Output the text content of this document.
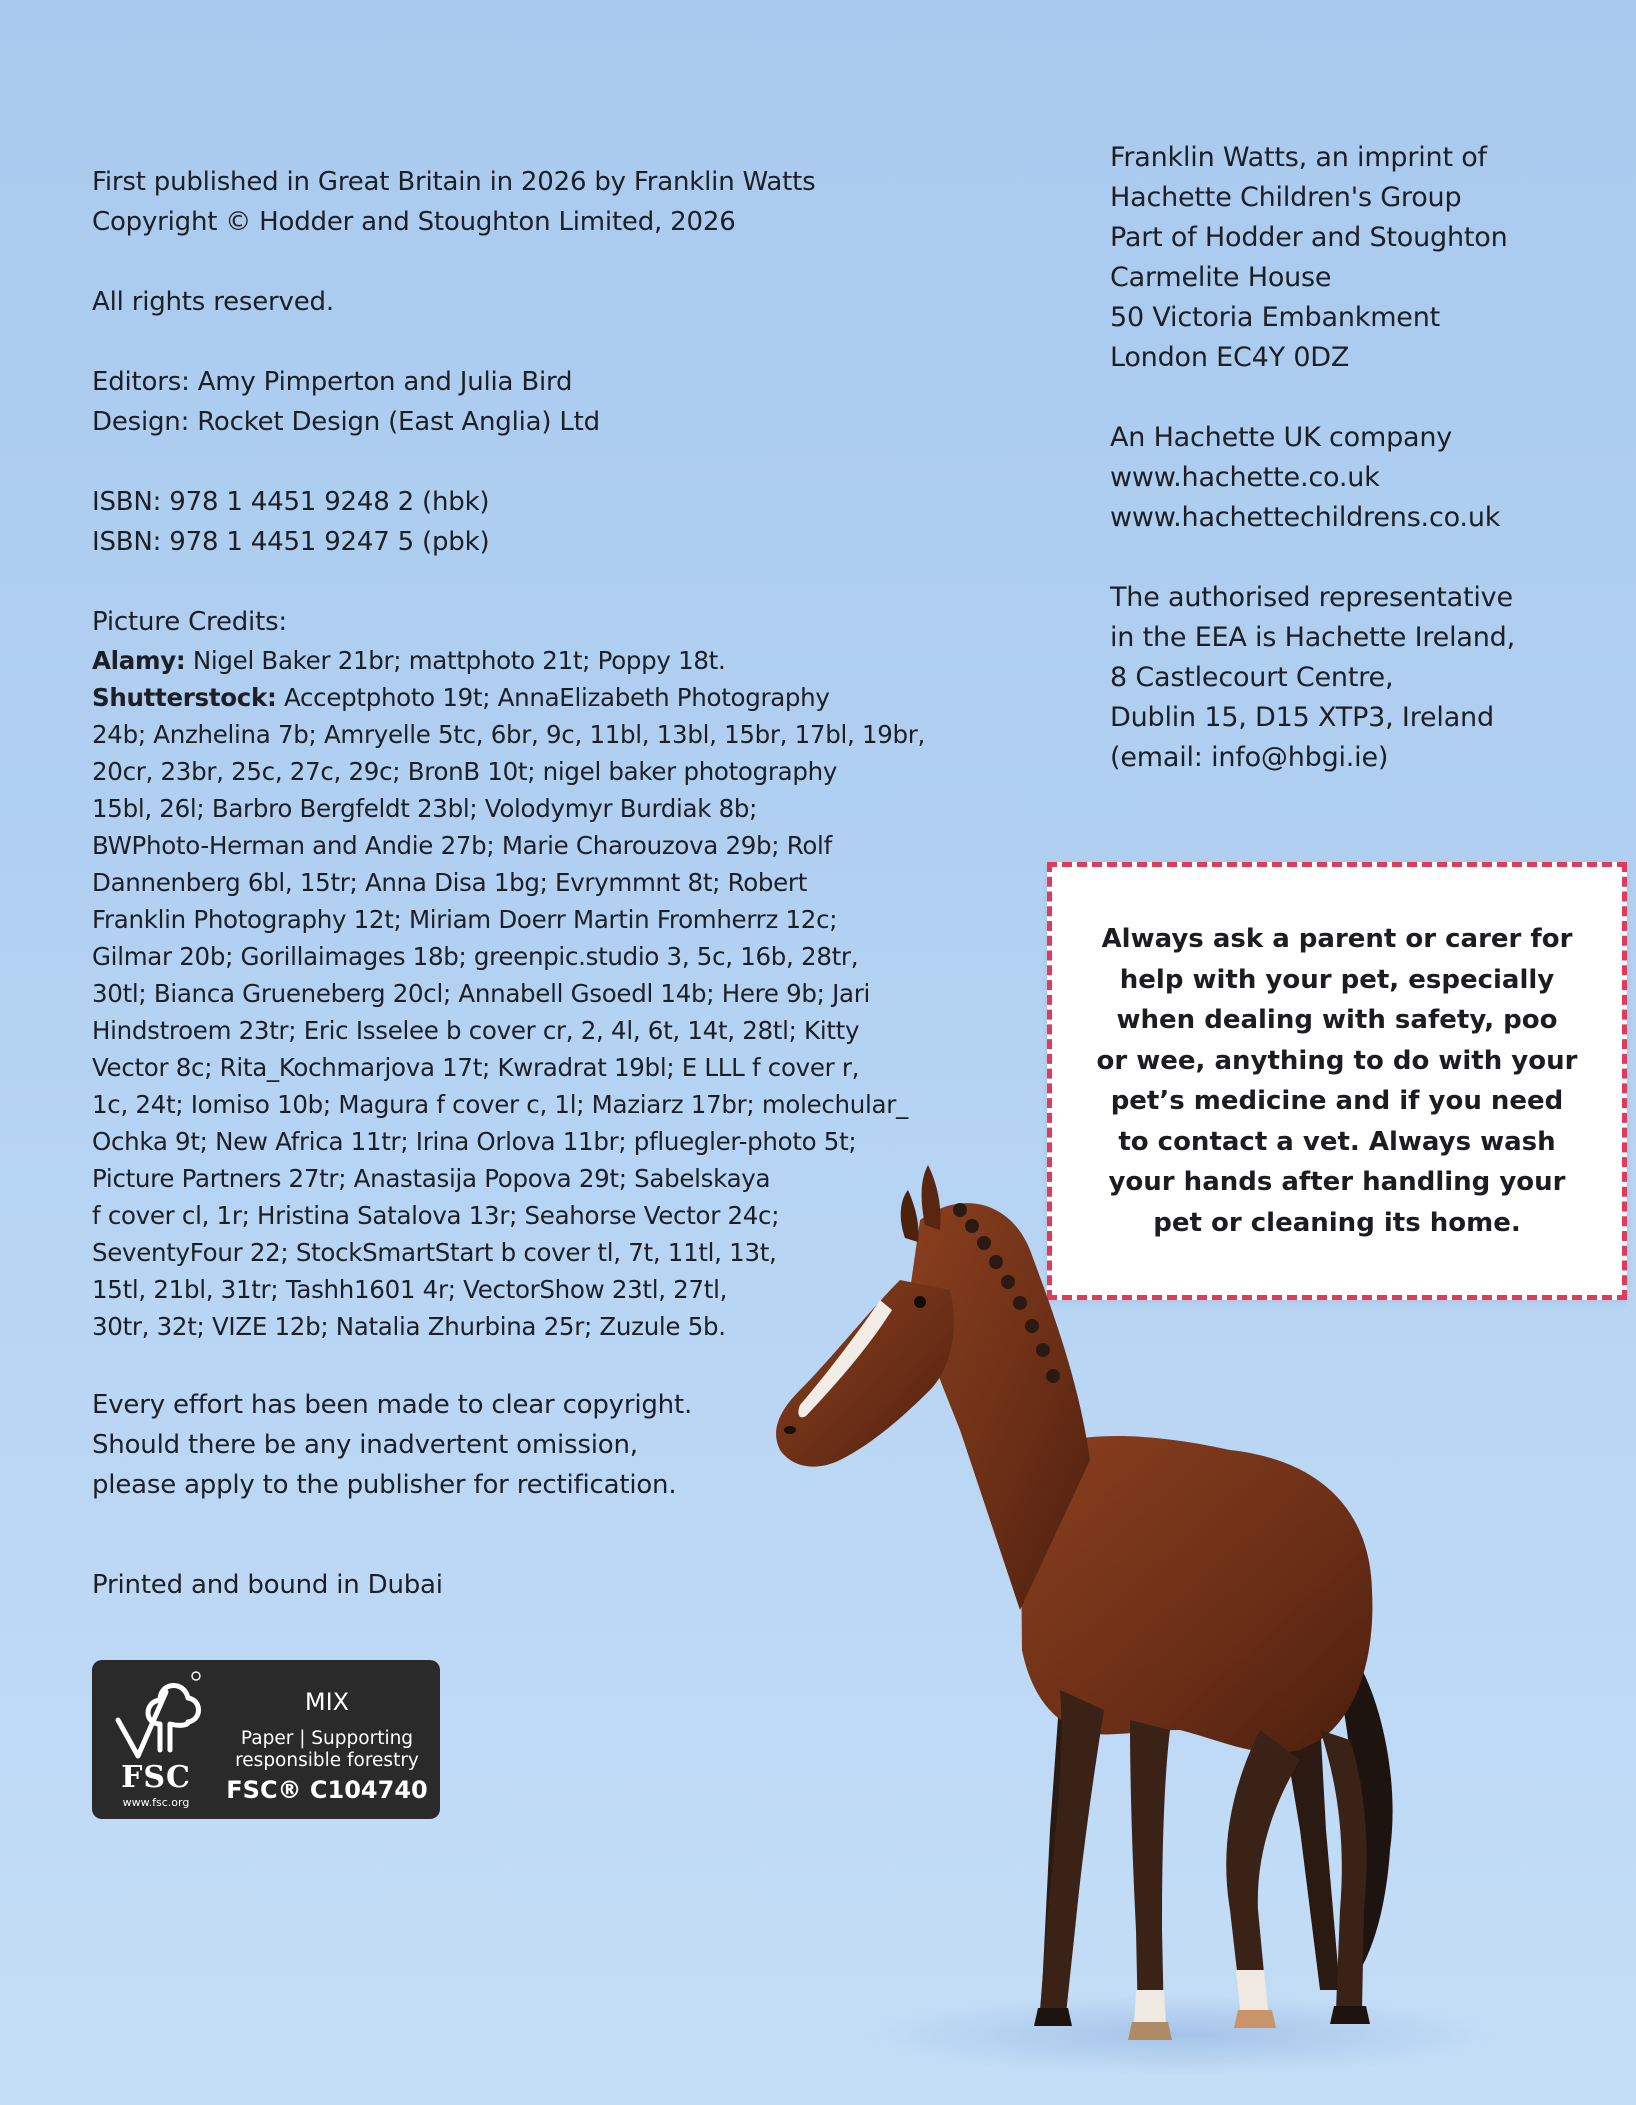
First published in Great Britain in 2026 by Franklin Watts
Copyright © Hodder and Stoughton Limited, 2026
All rights reserved.
Editors: Amy Pimperton and Julia Bird
Design: Rocket Design (East Anglia) Ltd
ISBN: 978 1 4451 9248 2 (hbk)
ISBN: 978 1 4451 9247 5 (pbk)
Picture Credits:
Alamy: Nigel Baker 21br; mattphoto 21t; Poppy 18t.
Shutterstock: Acceptphoto 19t; AnnaElizabeth Photography
24b; Anzhelina 7b; Amryelle 5tc, 6br, 9c, 11bl, 13bl, 15br, 17bl, 19br,
20cr, 23br, 25c, 27c, 29c; BronB 10t; nigel baker photography
15bl, 26l; Barbro Bergfeldt 23bl; Volodymyr Burdiak 8b;
BWPhoto-Herman and Andie 27b; Marie Charouzova 29b; Rolf
Dannenberg 6bl, 15tr; Anna Disa 1bg; Evrymmnt 8t; Robert
Franklin Photography 12t; Miriam Doerr Martin Fromherrz 12c;
Gilmar 20b; Gorillaimages 18b; greenpic.studio 3, 5c, 16b, 28tr,
30tl; Bianca Grueneberg 20cl; Annabell Gsoedl 14b; Here 9b; Jari
Hindstroem 23tr; Eric Isselee b cover cr, 2, 4l, 6t, 14t, 28tl; Kitty
Vector 8c; Rita_Kochmarjova 17t; Kwradrat 19bl; E LLL f cover r,
1c, 24t; Iomiso 10b; Magura f cover c, 1l; Maziarz 17br; molechular_
Ochka 9t; New Africa 11tr; Irina Orlova 11br; pfluegler-photo 5t;
Picture Partners 27tr; Anastasija Popova 29t; Sabelskaya
f cover cl, 1r; Hristina Satalova 13r; Seahorse Vector 24c;
SeventyFour 22; StockSmartStart b cover tl, 7t, 11tl, 13t,
15tl, 21bl, 31tr; Tashh1601 4r; VectorShow 23tl, 27tl,
30tr, 32t; VIZE 12b; Natalia Zhurbina 25r; Zuzule 5b.
Every effort has been made to clear copyright.
Should there be any inadvertent omission,
please apply to the publisher for rectification.
Printed and bound in Dubai
Franklin Watts, an imprint of
Hachette Children's Group
Part of Hodder and Stoughton
Carmelite House
50 Victoria Embankment
London EC4Y 0DZ
An Hachette UK company
www.hachette.co.uk
www.hachettechildrens.co.uk
The authorised representative
in the EEA is Hachette Ireland,
8 Castlecourt Centre,
Dublin 15, D15 XTP3, Ireland
(email: info@hbgi.ie)
Always ask a parent or carer for
help with your pet, especially
when dealing with safety, poo
or wee, anything to do with your
pet’s medicine and if you need
to contact a vet. Always wash
your hands after handling your
pet or cleaning its home.
FSC
www.fsc.org
MIX
Paper | Supporting
responsible forestry
FSC® C104740
